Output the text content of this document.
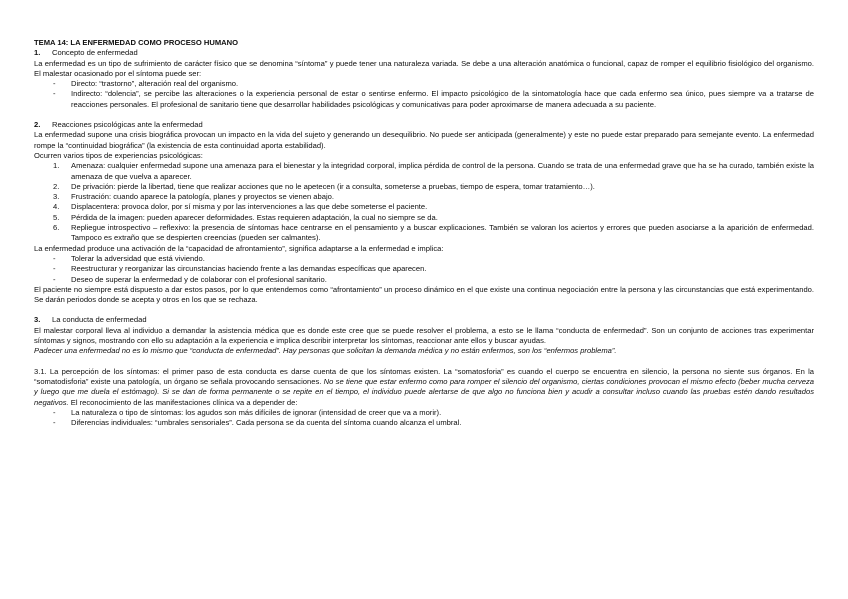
TEMA 14: LA ENFERMEDAD COMO PROCESO HUMANO

1. Concepto de enfermedad

La enfermedad es un tipo de sufrimiento de carácter físico que se denomina “síntoma” y puede tener una naturaleza variada. Se debe a una alteración anatómica o funcional, capaz de romper el equilibrio fisiológico del organismo. El malestar ocasionado por el síntoma puede ser:

- Directo: “trastorno”, alteración real del organismo.
- Indirecto: “dolencia”, se percibe las alteraciones o la experiencia personal de estar o sentirse enfermo. El impacto psicológico de la sintomatología hace que cada enfermo sea único, pues siempre va a tratarse de reacciones personales. El profesional de sanitario tiene que desarrollar habilidades psicológicas y comunicativas para poder aproximarse de manera adecuada a su paciente.

2. Reacciones psicológicas ante la enfermedad

La enfermedad supone una crisis biográfica provocan un impacto en la vida del sujeto y generando un desequilibrio. No puede ser anticipada (generalmente) y este no puede estar preparado para semejante evento. La enfermedad rompe la “continuidad biográfica” (la existencia de esta continuidad aporta estabilidad).

Ocurren varios tipos de experiencias psicológicas:

1. Amenaza: cualquier enfermedad supone una amenaza para el bienestar y la integridad corporal, implica pérdida de control de la persona. Cuando se trata de una enfermedad grave que ha se ha curado, también existe la amenaza de que vuelva a aparecer.
2. De privación: pierde la libertad, tiene que realizar acciones que no le apetecen (ir a consulta, someterse a pruebas, tiempo de espera, tomar tratamiento…).
3. Frustración: cuando aparece la patología, planes y proyectos se vienen abajo.
4. Displacentera: provoca dolor, por sí misma y por las intervenciones a las que debe someterse el paciente.
5. Pérdida de la imagen: pueden aparecer deformidades. Estas requieren adaptación, la cual no siempre se da.
6. Repliegue introspectivo – reflexivo: la presencia de síntomas hace centrarse en el pensamiento y a buscar explicaciones. También se valoran los aciertos y errores que pueden asociarse a la aparición de enfermedad. Tampoco es extraño que se despierten creencias (pueden ser calmantes).

La enfermedad produce una activación de la “capacidad de afrontamiento”, significa adaptarse a la enfermedad e implica:

- Tolerar la adversidad que está viviendo.
- Reestructurar y reorganizar las circunstancias haciendo frente a las demandas específicas que aparecen.
- Deseo de superar la enfermedad y de colaborar con el profesional sanitario.

El paciente no siempre está dispuesto a dar estos pasos, por lo que entendemos como “afrontamiento” un proceso dinámico en el que existe una continua negociación entre la persona y las circunstancias que está experimentando. Se darán periodos donde se acepta y otros en los que se rechaza.

3. La conducta de enfermedad

El malestar corporal lleva al individuo a demandar la asistencia médica que es donde este cree que se puede resolver el problema, a esto se le llama “conducta de enfermedad”. Son un conjunto de acciones tras experimentar síntomas y signos, mostrando con ello su adaptación a la experiencia e implica describir interpretar los síntomas, reaccionar ante ellos y buscar ayudas.

Padecer una enfermedad no es lo mismo que “conducta de enfermedad”. Hay personas que solicitan la demanda médica y no están enfermos, son los “enfermos problema”.

3.1. La percepción de los síntomas: el primer paso de esta conducta es darse cuenta de que los síntomas existen. La “somatosforia” es cuando el cuerpo se encuentra en silencio, la persona no siente sus órganos. En la “somatodisforia” existe una patología, un órgano se señala provocando sensaciones. No se tiene que estar enfermo como para romper el silencio del organismo, ciertas condiciones provocan el mismo efecto (beber mucha cerveza y luego que me duela el estómago). Si se dan de forma permanente o se repite en el tiempo, el individuo puede alertarse de que algo no funciona bien y acudir a consultar incluso cuando las pruebas estén dando resultados negativos. El reconocimiento de las manifestaciones clínica va a depender de:

- La naturaleza o tipo de síntomas: los agudos son más difíciles de ignorar (intensidad de creer que va a morir).
- Diferencias individuales: “umbrales sensoriales”. Cada persona se da cuenta del síntoma cuando alcanza el umbral.
